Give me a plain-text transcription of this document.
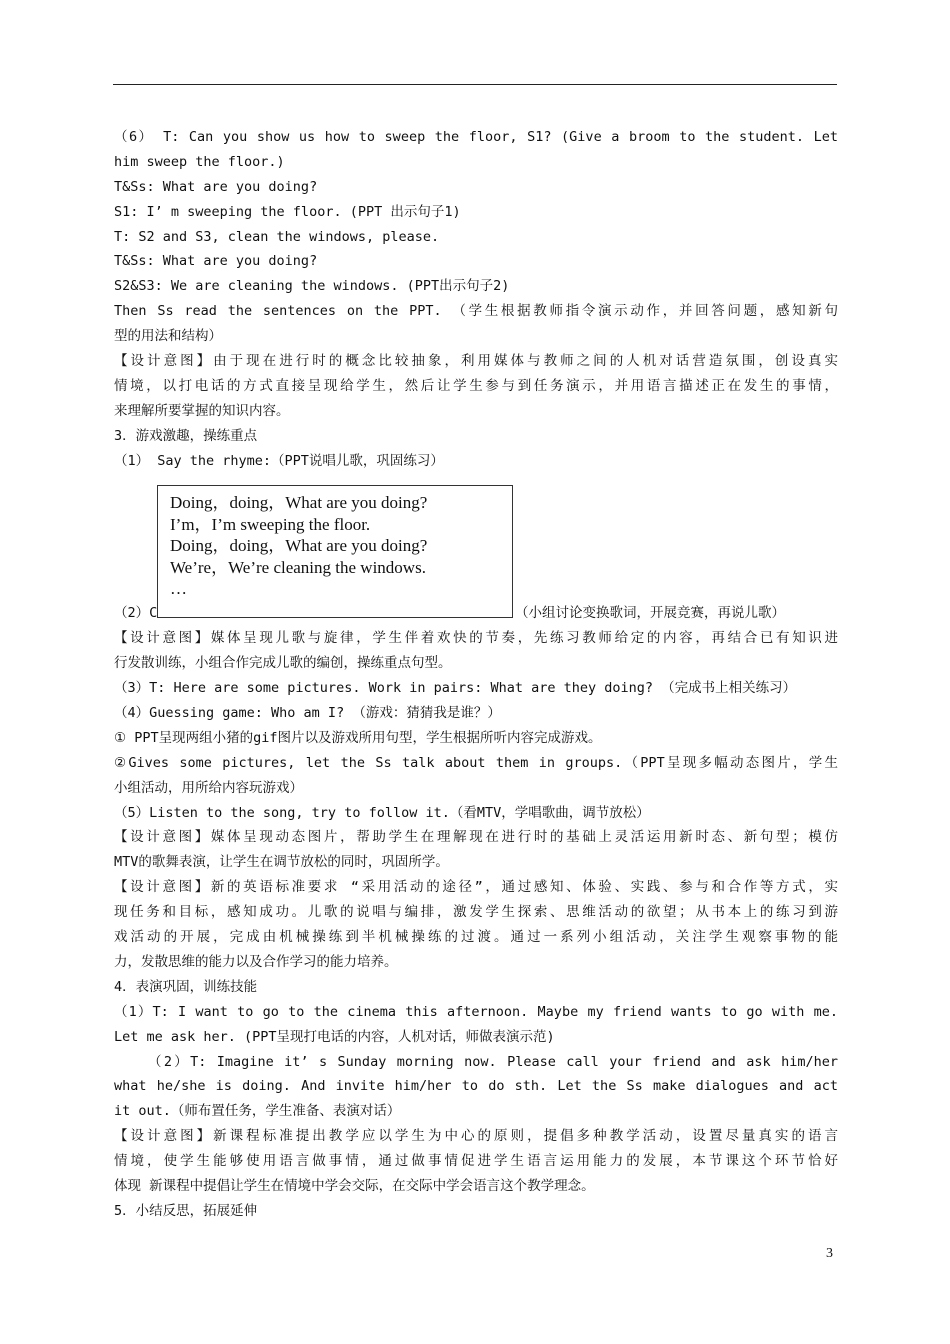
（6） T: Can you show us how to sweep the floor, S1? (Give a broom to the student. Let
him sweep the floor.)
T&Ss: What are you doing?
S1: I’ m sweeping the floor. (PPT 出示句子1)
T: S2 and S3, clean the windows, please.
T&Ss: What are you doing?
S2&S3: We are cleaning the windows. (PPT出示句子2)
Then Ss read the sentences on the PPT. （学生根据教师指令演示动作，并回答问题，感知新句
型的用法和结构）
【设计意图】由于现在进行时的概念比较抽象，利用媒体与教师之间的人机对话营造氛围，创设真实
情境，以打电话的方式直接呈现给学生，然后让学生参与到任务演示，并用语言描述正在发生的事情，
来理解所要掌握的知识内容。
3．游戏激趣，操练重点
（1） Say the rhyme:（PPT说唱儿歌，巩固练习）
（2）C	（小组讨论变换歌词，开展竞赛，再说儿歌）
【设计意图】媒体呈现儿歌与旋律，学生伴着欢快的节奏，先练习教师给定的内容，再结合已有知识进
行发散训练，小组合作完成儿歌的编创，操练重点句型。
（3）T: Here are some pictures. Work in pairs: What are they doing? （完成书上相关练习）
（4）Guessing game: Who am I? （游戏：猜猜我是谁？）
① PPT呈现两组小猪的gif图片以及游戏所用句型，学生根据所听内容完成游戏。
②Gives some pictures, let the Ss talk about them in groups.（PPT呈现多幅动态图片，学生
小组活动，用所给内容玩游戏）
（5）Listen to the song, try to follow it.（看MTV，学唱歌曲，调节放松）
【设计意图】媒体呈现动态图片，帮助学生在理解现在进行时的基础上灵活运用新时态、新句型；模仿
MTV的歌舞表演，让学生在调节放松的同时，巩固所学。
【设计意图】新的英语标准要求 “采用活动的途径”，通过感知、体验、实践、参与和合作等方式，实
现任务和目标，感知成功。儿歌的说唱与编排，激发学生探索、思维活动的欲望；从书本上的练习到游
戏活动的开展，完成由机械操练到半机械操练的过渡。通过一系列小组活动，关注学生观察事物的能
力，发散思维的能力以及合作学习的能力培养。
4．表演巩固，训练技能
（1）T: I want to go to the cinema this afternoon. Maybe my friend wants to go with me.
Let me ask her. (PPT呈现打电话的内容，人机对话，师做表演示范)
（2）T: Imagine it’ s Sunday morning now. Please call your friend and ask him/her
what he/she is doing. And invite him/her to do sth. Let the Ss make dialogues and act
it out.（师布置任务，学生准备、表演对话）
【设计意图】新课程标准提出教学应以学生为中心的原则，提倡多种教学活动，设置尽量真实的语言
情境，使学生能够使用语言做事情，通过做事情促进学生语言运用能力的发展，本节课这个环节恰好
体现 新课程中提倡让学生在情境中学会交际，在交际中学会语言这个教学理念。
5．小结反思，拓展延伸
Doing，doing，What are you doing?
I’m，I’m sweeping the floor.
Doing，doing，What are you doing?
We’re，We’re cleaning the windows.
…
3
